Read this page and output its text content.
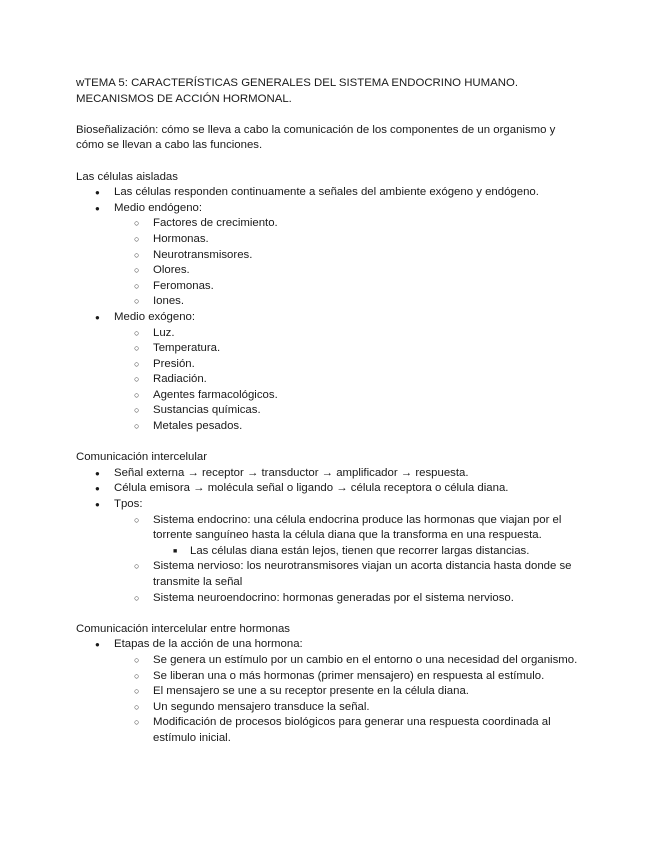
wTEMA 5: CARACTERÍSTICAS GENERALES DEL SISTEMA ENDOCRINO HUMANO.
MECANISMOS DE ACCIÓN HORMONAL.

Bioseñalización: cómo se lleva a cabo la comunicación de los componentes de un organismo y cómo se llevan a cabo las funciones.

Las células aisladas

● Las células responden continuamente a señales del ambiente exógeno y endógeno.
● Medio endógeno:
○ Factores de crecimiento.
○ Hormonas.
○ Neurotransmisores.
○ Olores.
○ Feromonas.
○ Iones.
● Medio exógeno:
○ Luz.
○ Temperatura.
○ Presión.
○ Radiación.
○ Agentes farmacológicos.
○ Sustancias químicas.
○ Metales pesados.

Comunicación intercelular

● Señal externa → receptor → transductor → amplificador → respuesta.
● Célula emisora → molécula señal o ligando → célula receptora o célula diana.
● Tpos:
○ Sistema endocrino: una célula endocrina produce las hormonas que viajan por el torrente sanguíneo hasta la célula diana que la transforma en una respuesta.
■ Las células diana están lejos, tienen que recorrer largas distancias.
○ Sistema nervioso: los neurotransmisores viajan un acorta distancia hasta donde se transmite la señal
○ Sistema neuroendocrino: hormonas generadas por el sistema nervioso.

Comunicación intercelular entre hormonas

● Etapas de la acción de una hormona:
○ Se genera un estímulo por un cambio en el entorno o una necesidad del organismo.
○ Se liberan una o más hormonas (primer mensajero) en respuesta al estímulo.
○ El mensajero se une a su receptor presente en la célula diana.
○ Un segundo mensajero transduce la señal.
○ Modificación de procesos biológicos para generar una respuesta coordinada al estímulo inicial.
